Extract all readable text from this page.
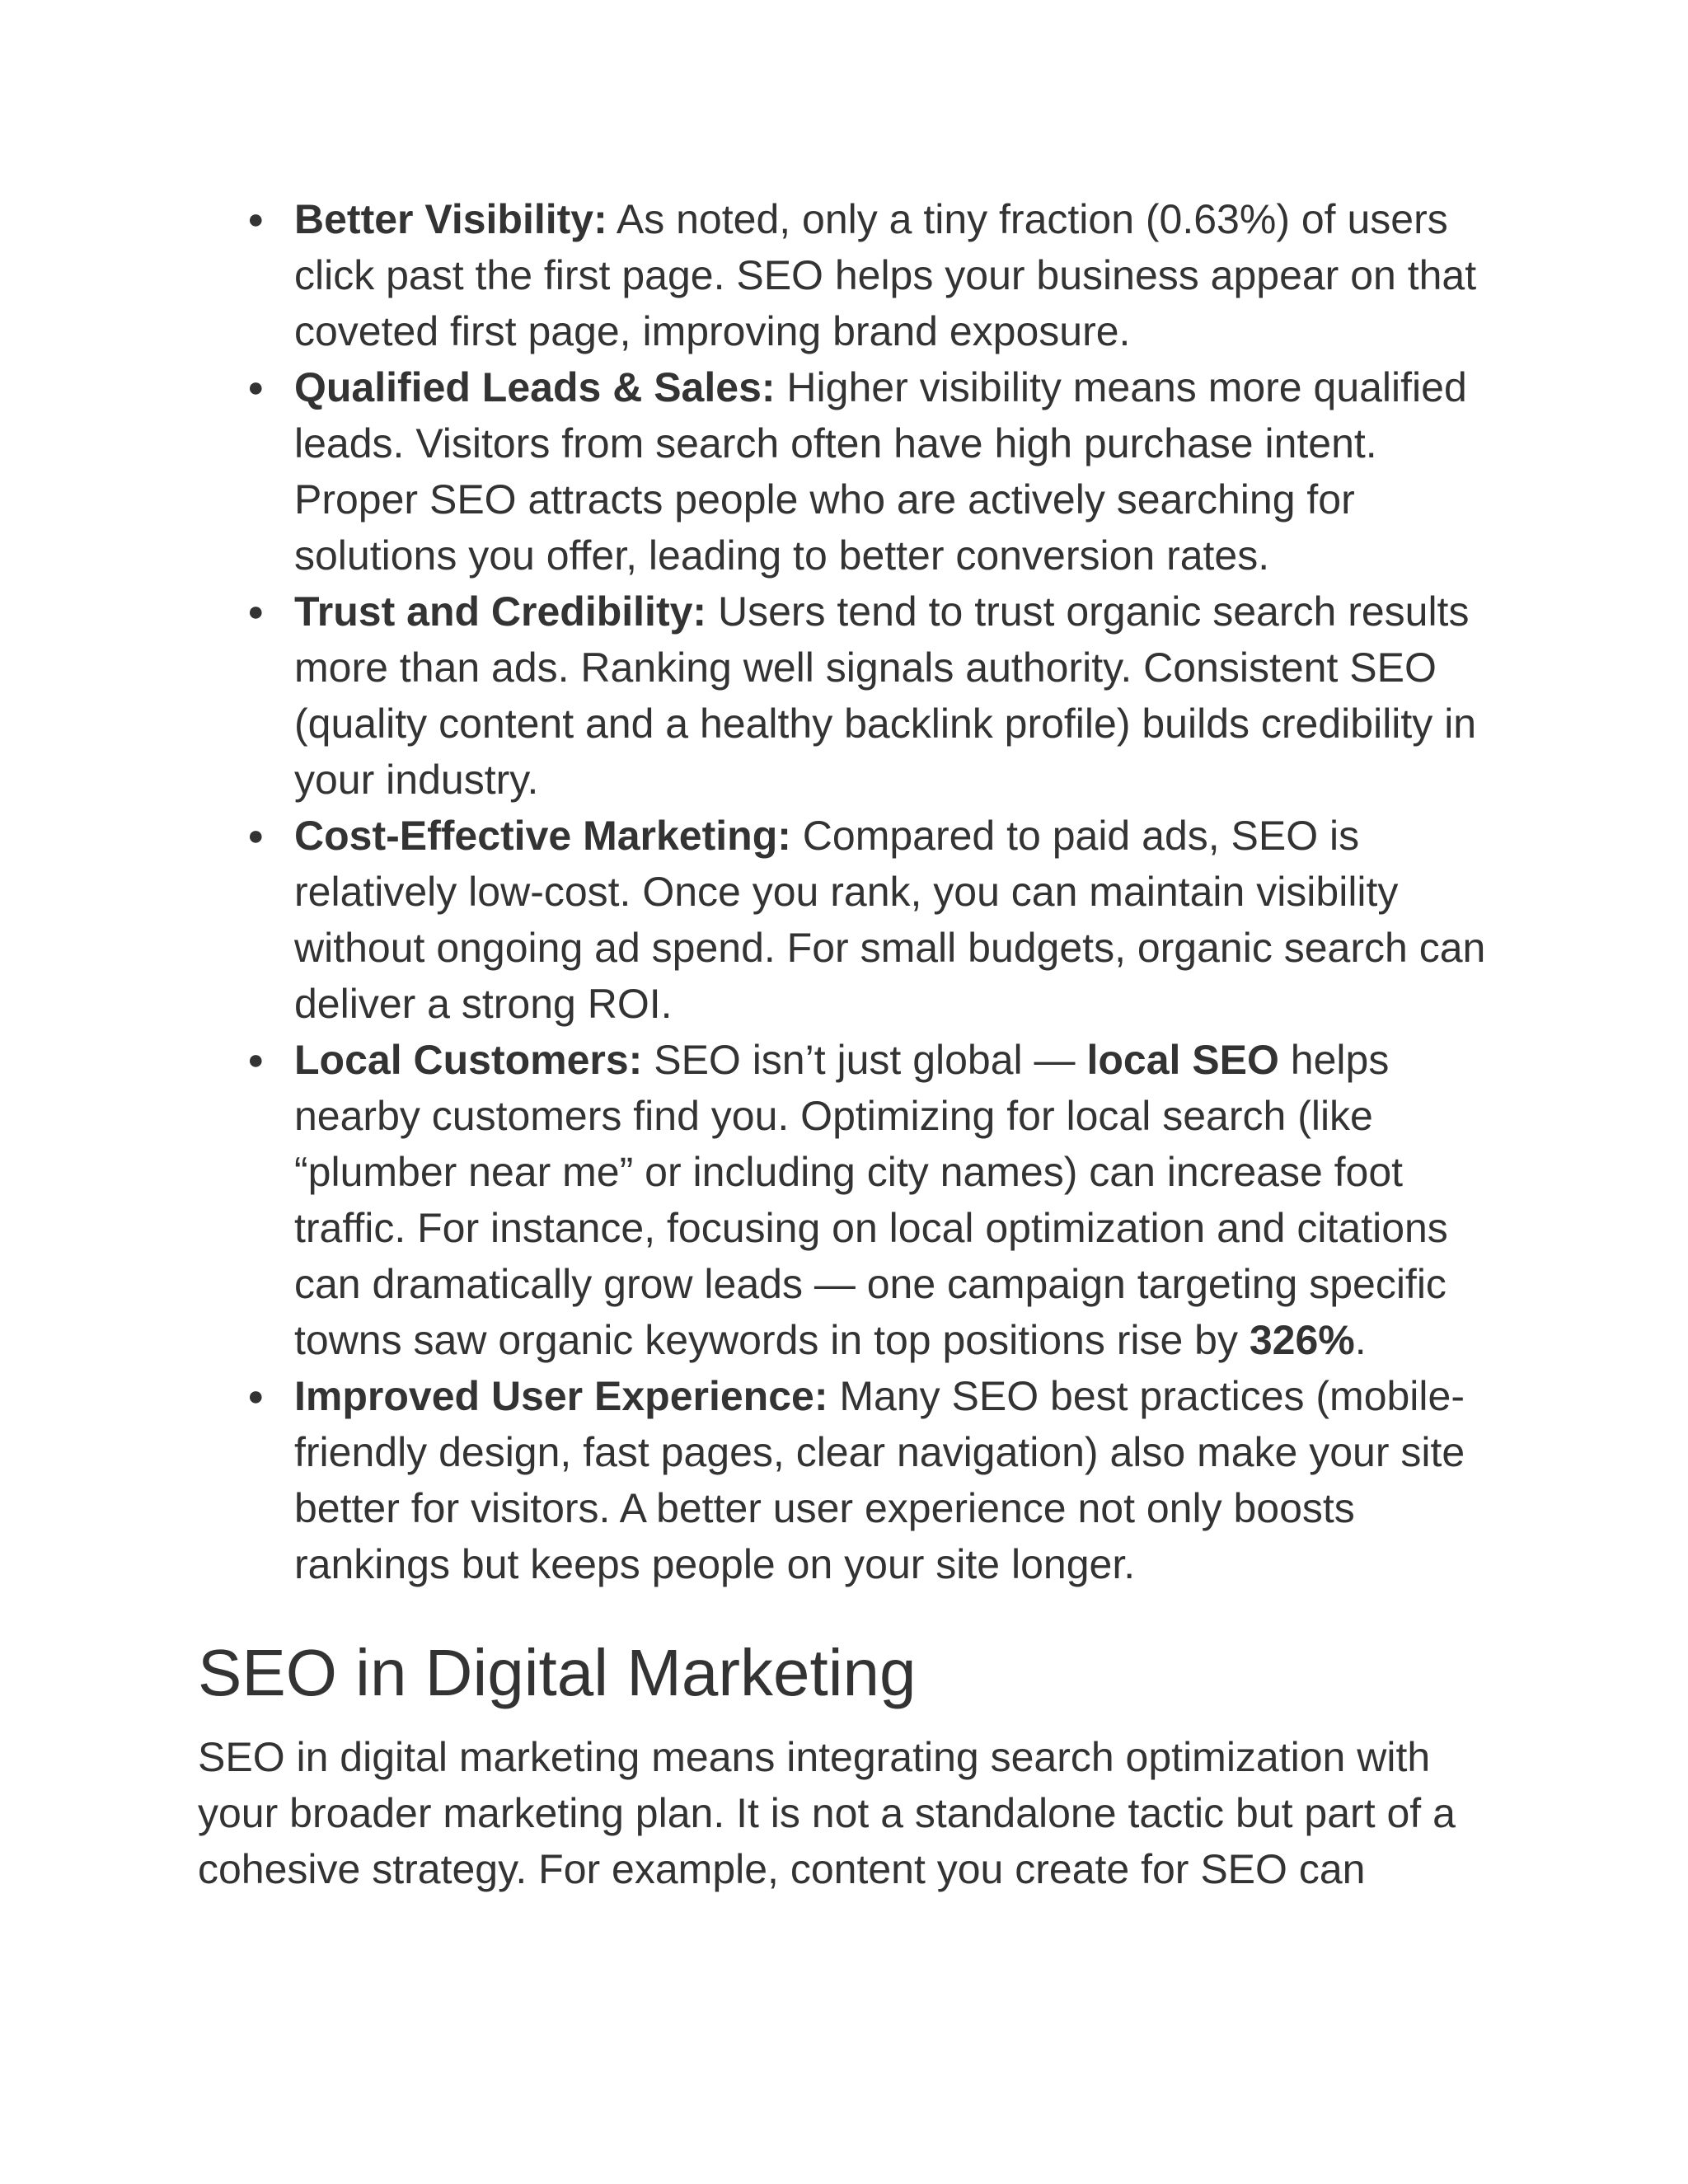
● Better Visibility: As noted, only a tiny fraction (0.63%) of users click past the first page. SEO helps your business appear on that coveted first page, improving brand exposure.
● Qualified Leads & Sales: Higher visibility means more qualified leads. Visitors from search often have high purchase intent. Proper SEO attracts people who are actively searching for solutions you offer, leading to better conversion rates.
● Trust and Credibility: Users tend to trust organic search results more than ads. Ranking well signals authority. Consistent SEO (quality content and a healthy backlink profile) builds credibility in your industry.
● Cost-Effective Marketing: Compared to paid ads, SEO is relatively low-cost. Once you rank, you can maintain visibility without ongoing ad spend. For small budgets, organic search can deliver a strong ROI.
● Local Customers: SEO isn’t just global — local SEO helps nearby customers find you. Optimizing for local search (like “plumber near me” or including city names) can increase foot traffic. For instance, focusing on local optimization and citations can dramatically grow leads — one campaign targeting specific towns saw organic keywords in top positions rise by 326%.
● Improved User Experience: Many SEO best practices (mobile-friendly design, fast pages, clear navigation) also make your site better for visitors. A better user experience not only boosts rankings but keeps people on your site longer.
SEO in Digital Marketing

SEO in digital marketing means integrating search optimization with your broader marketing plan. It is not a standalone tactic but part of a cohesive strategy. For example, content you create for SEO can
